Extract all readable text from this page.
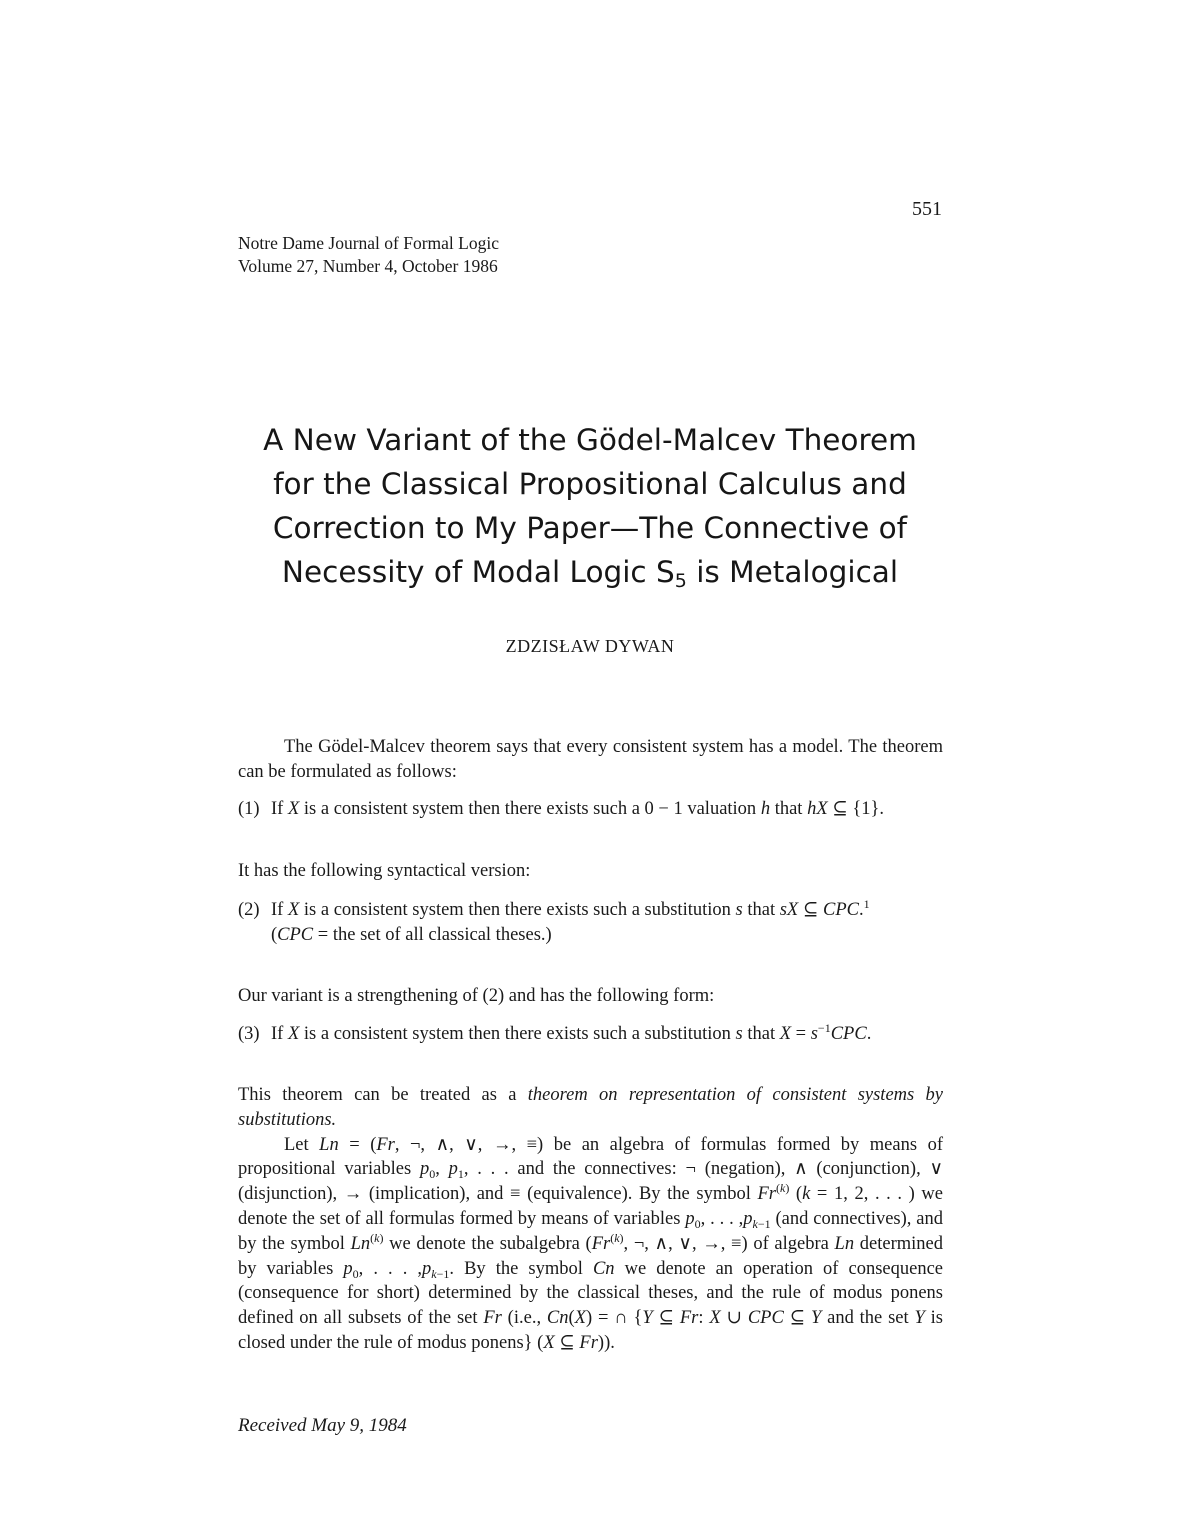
551
Notre Dame Journal of Formal Logic
Volume 27, Number 4, October 1986
A New Variant of the Gödel-Malcev Theorem
for the Classical Propositional Calculus and
Correction to My Paper—The Connective of
Necessity of Modal Logic $S_5$ is Metalogical
ZDZISŁAW DYWAN

The Gödel-Malcev theorem says that every consistent system has a model. The theorem can be formulated as follows:

(1) If X is a consistent system then there exists such a 0 − 1 valuation h that hX ⊆ {1}.

It has the following syntactical version:

(2) If X is a consistent system then there exists such a substitution s that sX ⊆ CPC.$^1$
(CPC = the set of all classical theses.)

Our variant is a strengthening of (2) and has the following form:

(3) If X is a consistent system then there exists such a substitution s that $X = s^{-1}CPC$.

This theorem can be treated as a theorem on representation of consistent systems by substitutions.

Let Ln = (Fr, ¬, ∧, ∨, →, ≡) be an algebra of formulas formed by means of propositional variables $p_0$, $p_1$, . . . and the connectives: ¬ (negation), ∧ (conjunction), ∨ (disjunction), → (implication), and ≡ (equivalence). By the symbol Fr$^{(k)}$ (k = 1, 2, . . . ) we denote the set of all formulas formed by means of variables $p_0$, . . . $,p_{k-1}$ (and connectives), and by the symbol Ln$^{(k)}$ we denote the subalgebra (Fr$^{(k)}$, ¬, ∧, ∨, →, ≡) of algebra Ln determined by variables $p_0$, . . . $,p_{k-1}$. By the symbol Cn we denote an operation of consequence (consequence for short) determined by the classical theses, and the rule of modus ponens defined on all subsets of the set Fr (i.e., Cn(X) = ∩ {Y ⊆ Fr: X ∪ CPC ⊆ Y and the set Y is closed under the rule of modus ponens} (X ⊆ Fr)).

Received May 9, 1984
